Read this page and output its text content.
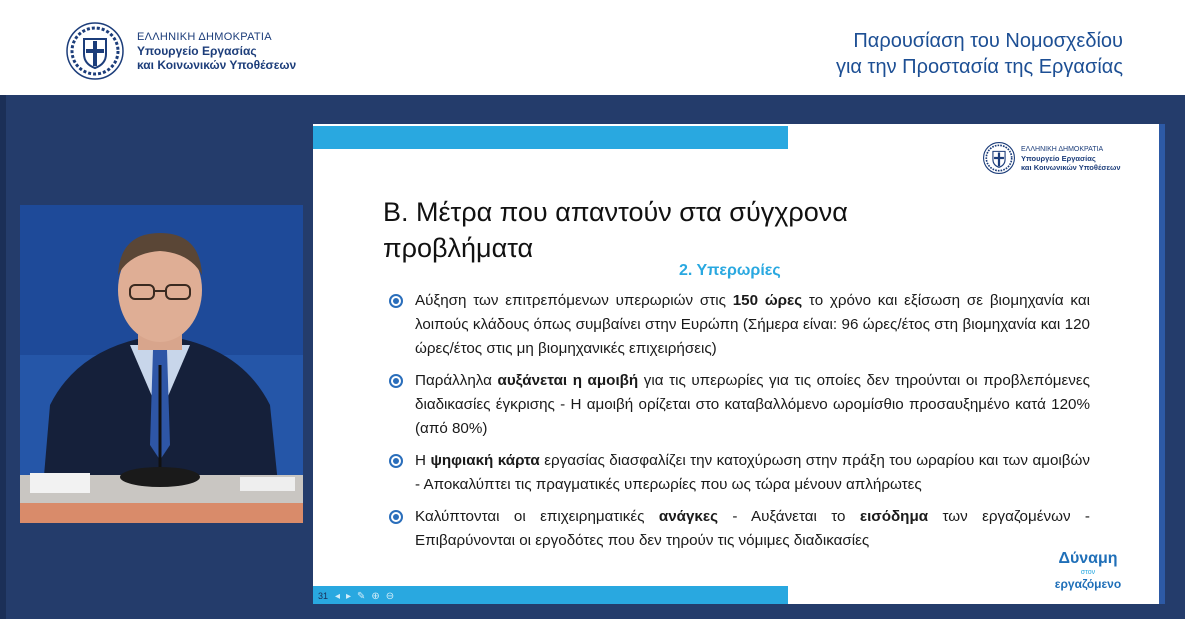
ΕΛΛΗΝΙΚΗ ΔΗΜΟΚΡΑΤΙΑ
Υπουργείο Εργασίας
και Κοινωνικών Υποθέσεων
Παρουσίαση του Νομοσχεδίου
για την Προστασία της Εργασίας
ΕΛΛΗΝΙΚΗ ΔΗΜΟΚΡΑΤΙΑ
Υπουργείο Εργασίας
και Κοινωνικών Υποθέσεων
Β. Μέτρα που απαντούν στα σύγχρονα
προβλήματα
2. Υπερωρίες
Αύξηση των επιτρεπόμενων υπερωριών στις 150 ώρες το χρόνο και εξίσωση σε βιομηχανία και λοιπούς κλάδους όπως συμβαίνει στην Ευρώπη (Σήμερα είναι: 96 ώρες/έτος στη βιομηχανία και 120 ώρες/έτος στις μη βιομηχανικές επιχειρήσεις)
Παράλληλα αυξάνεται η αμοιβή για τις υπερωρίες για τις οποίες δεν τηρούνται οι προβλεπόμενες διαδικασίες έγκρισης - Η αμοιβή ορίζεται στο καταβαλλόμενο ωρομίσθιο προσαυξημένο κατά 120% (από 80%)
Η ψηφιακή κάρτα εργασίας διασφαλίζει την κατοχύρωση στην πράξη του ωραρίου και των αμοιβών - Αποκαλύπτει τις πραγματικές υπερωρίες που ως τώρα μένουν απλήρωτες
Καλύπτονται οι επιχειρηματικές ανάγκες - Αυξάνεται το εισόδημα των εργαζομένων - Επιβαρύνονται οι εργοδότες που δεν τηρούν τις νόμιμες διαδικασίες
Δύναμη
στον
εργαζόμενο
31 ◂▸✎⊕⊖
